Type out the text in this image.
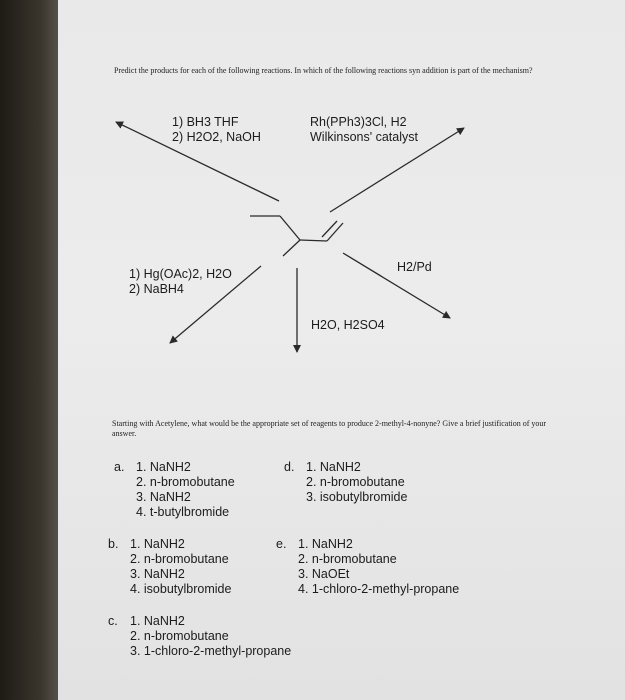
Predict the products for each of the following reactions. In which of the following reactions syn addition is part of the mechanism?
1) BH3 THF
2) H2O2, NaOH
Rh(PPh3)3Cl, H2
Wilkinsons' catalyst
1) Hg(OAc)2, H2O
2) NaBH4
H2/Pd
H2O, H2SO4
Starting with Acetylene, what would be the appropriate set of reagents to produce 2-methyl-4-nonyne? Give a brief justification of your answer.
a. 1. NaNH2
2. n-bromobutane
3. NaNH2
4. t-butylbromide
d. 1. NaNH2
2. n-bromobutane
3. isobutylbromide
b. 1. NaNH2
2. n-bromobutane
3. NaNH2
4. isobutylbromide
e. 1. NaNH2
2. n-bromobutane
3. NaOEt
4. 1-chloro-2-methyl-propane
c. 1. NaNH2
2. n-bromobutane
3. 1-chloro-2-methyl-propane
